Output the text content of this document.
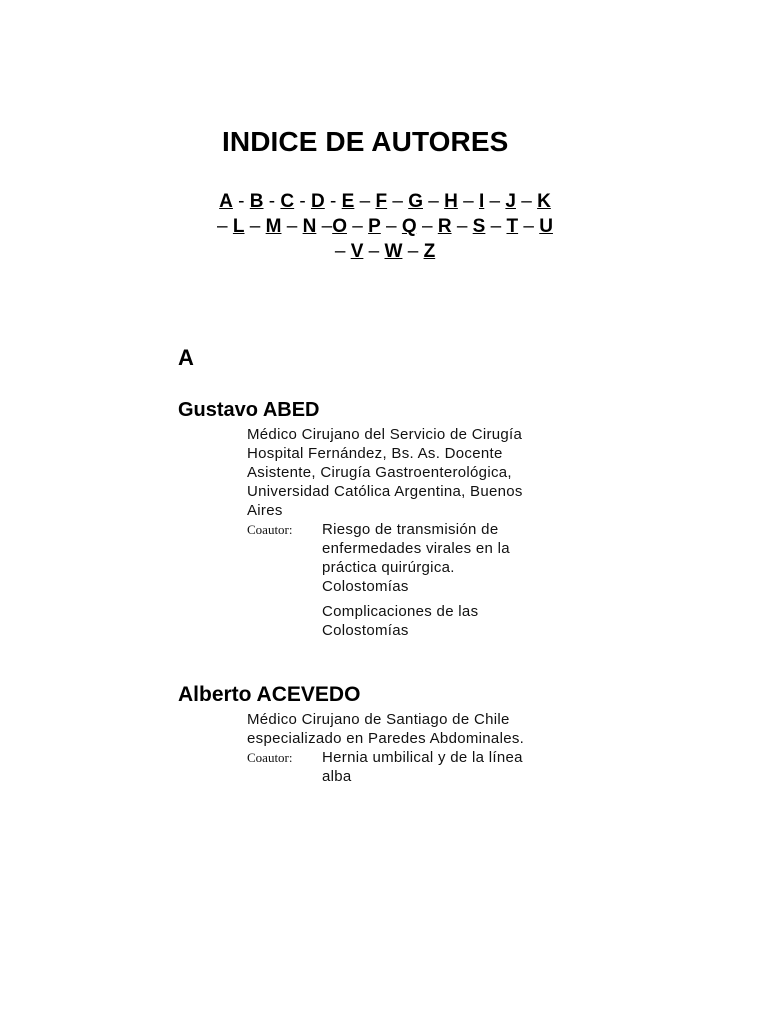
INDICE DE AUTORES
A - B - C - D - E – F – G – H – I – J – K
– L – M – N –O – P – Q – R – S – T – U
– V – W – Z
A
Gustavo ABED

Médico Cirujano del Servicio de Cirugía Hospital Fernández, Bs. As. Docente Asistente, Cirugía Gastroenterológica, Universidad Católica Argentina, Buenos Aires

Coautor:	Riesgo de transmisión de enfermedades virales en la práctica quirúrgica. Colostomías

Complicaciones de las Colostomías

Alberto ACEVEDO

Médico Cirujano de Santiago de Chile especializado en Paredes Abdominales.

Coautor:	Hernia umbilical y de la línea alba
